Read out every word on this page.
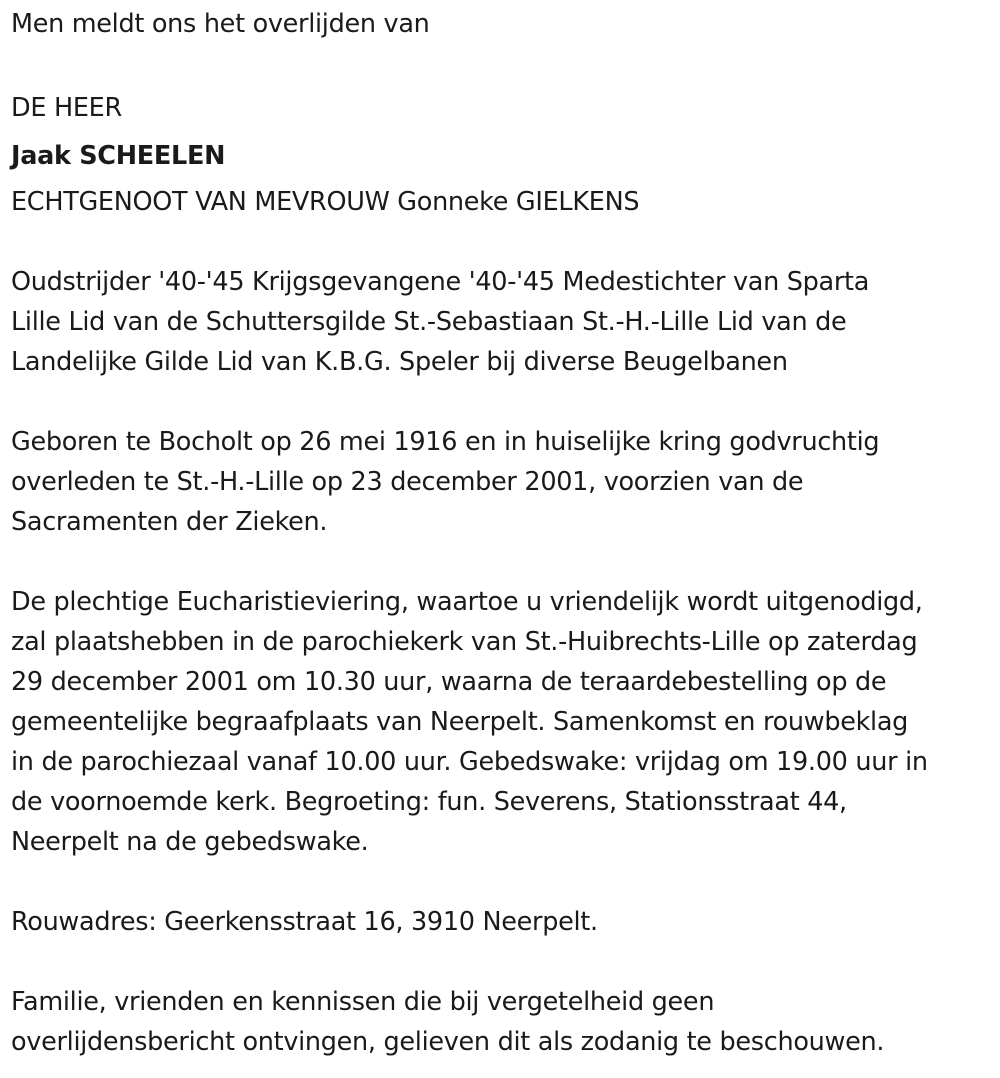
Men meldt ons het overlijden van

DE HEER

Jaak SCHEELEN

ECHTGENOOT VAN MEVROUW Gonneke GIELKENS

Oudstrijder '40-'45 Krijgsgevangene '40-'45 Medestichter van Sparta

Lille Lid van de Schuttersgilde St.-Sebastiaan St.-H.-Lille Lid van de

Landelijke Gilde Lid van K.B.G. Speler bij diverse Beugelbanen

Geboren te Bocholt op 26 mei 1916 en in huiselijke kring godvruchtig

overleden te St.-H.-Lille op 23 december 2001, voorzien van de

Sacramenten der Zieken.

De plechtige Eucharistieviering, waartoe u vriendelijk wordt uitgenodigd,

zal plaatshebben in de parochiekerk van St.-Huibrechts-Lille op zaterdag

29 december 2001 om 10.30 uur, waarna de teraardebestelling op de

gemeentelijke begraafplaats van Neerpelt. Samenkomst en rouwbeklag

in de parochiezaal vanaf 10.00 uur. Gebedswake: vrijdag om 19.00 uur in

de voornoemde kerk. Begroeting: fun. Severens, Stationsstraat 44,

Neerpelt na de gebedswake.

Rouwadres: Geerkensstraat 16, 3910 Neerpelt.

Familie, vrienden en kennissen die bij vergetelheid geen

overlijdensbericht ontvingen, gelieven dit als zodanig te beschouwen.
